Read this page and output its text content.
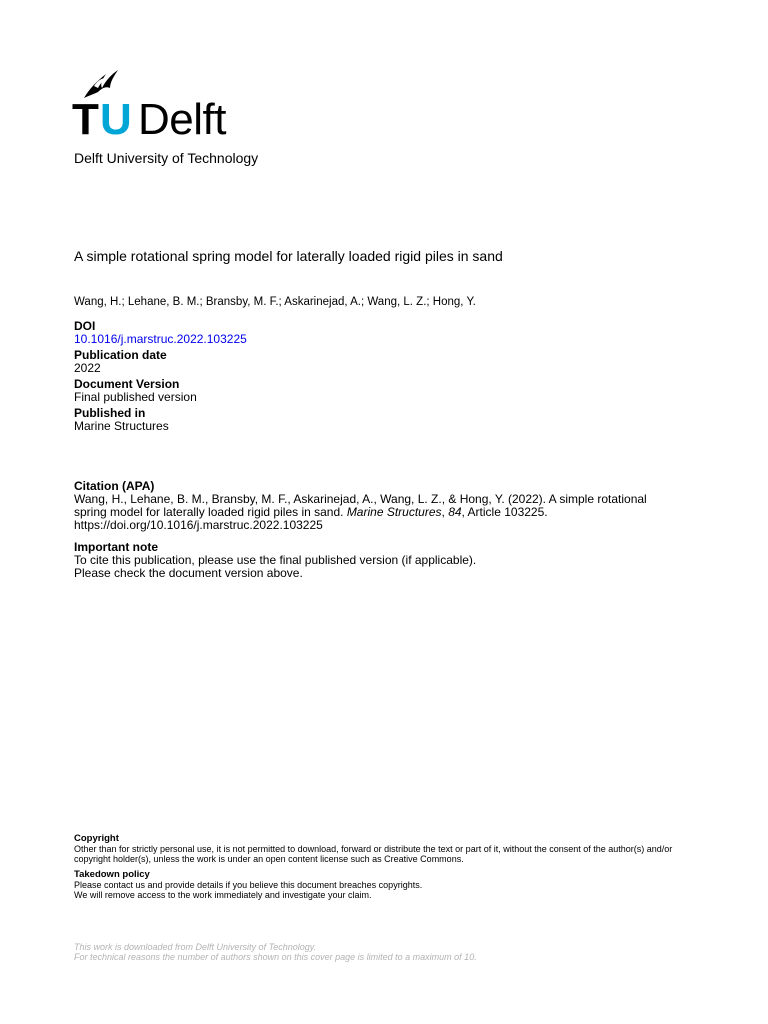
T U Delft
Delft University of Technology
A simple rotational spring model for laterally loaded rigid piles in sand
Wang, H.; Lehane, B. M.; Bransby, M. F.; Askarinejad, A.; Wang, L. Z.; Hong, Y.
DOI
10.1016/j.marstruc.2022.103225
Publication date
2022
Document Version
Final published version
Published in
Marine Structures
Citation (APA)
Wang, H., Lehane, B. M., Bransby, M. F., Askarinejad, A., Wang, L. Z., & Hong, Y. (2022). A simple rotational spring model for laterally loaded rigid piles in sand. Marine Structures, 84, Article 103225.
https://doi.org/10.1016/j.marstruc.2022.103225
Important note
To cite this publication, please use the final published version (if applicable).
Please check the document version above.
Copyright
Other than for strictly personal use, it is not permitted to download, forward or distribute the text or part of it, without the consent of the author(s) and/or copyright holder(s), unless the work is under an open content license such as Creative Commons.
Takedown policy
Please contact us and provide details if you believe this document breaches copyrights.
We will remove access to the work immediately and investigate your claim.
This work is downloaded from Delft University of Technology.
For technical reasons the number of authors shown on this cover page is limited to a maximum of 10.
